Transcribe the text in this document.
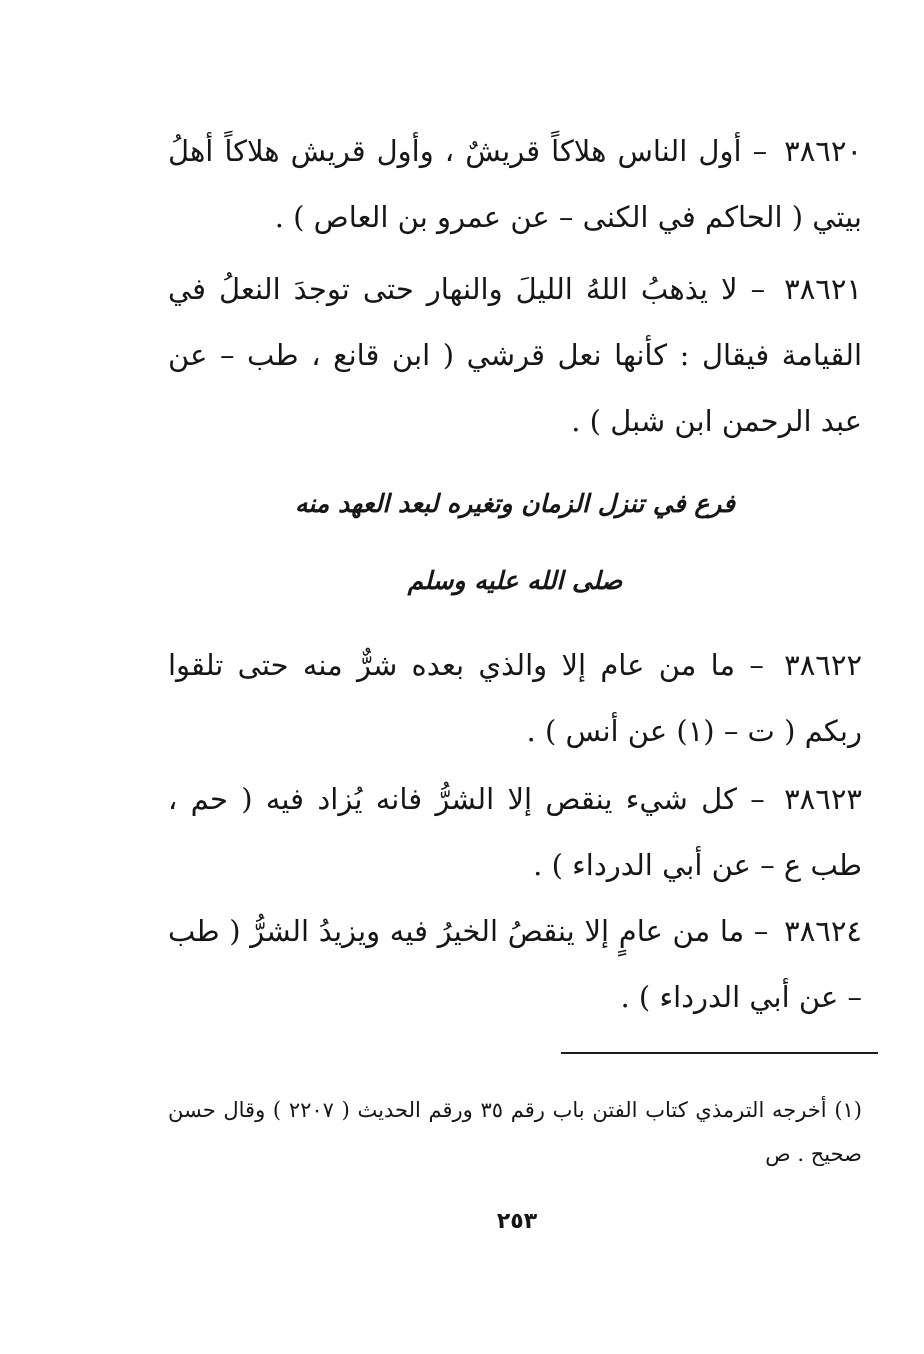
٣٨٦٢٠ – أول الناس هلاكاً قريشٌ ، وأول قريش هلاكاً أهلُ بيتي ( الحاكم في الكنى – عن عمرو بن العاص ) .

٣٨٦٢١ – لا يذهبُ اللهُ الليلَ والنهار حتى توجدَ النعلُ في القيامة فيقال : كأنها نعل قرشي ( ابن قانع ، طب – عن عبد الرحمن ابن شبل ) .

فرع في تنزل الزمان وتغيره لبعد العهد منه
صلى الله عليه وسلم

٣٨٦٢٢ – ما من عام إلا والذي بعده شرٌّ منه حتى تلقوا ربكم ( ت – (١) عن أنس ) .

٣٨٦٢٣ – كل شيء ينقص إلا الشرُّ فانه يُزاد فيه ( حم ، طب ع – عن أبي الدرداء ) .

٣٨٦٢٤ – ما من عامٍ إلا ينقصُ الخيرُ فيه ويزيدُ الشرُّ ( طب – عن أبي الدرداء ) .

(١) أخرجه الترمذي كتاب الفتن باب رقم ٣٥ ورقم الحديث ( ٢٢٠٧ ) وقال حسن صحيح . ص

٢٥٣
